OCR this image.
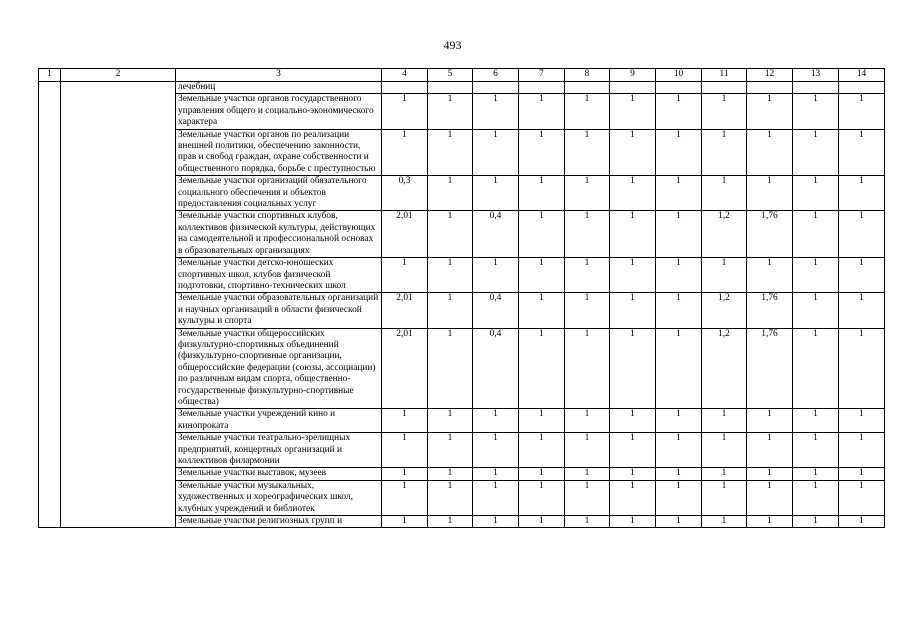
493
1	2	3	4	5	6	7	8	9	10	11	12	13	14
		лечебниц											
		Земельные участки органов государственного управления общего и социально-экономического характера	1	1	1	1	1	1	1	1	1	1	1
		Земельные участки органов по реализации внешней политики, обеспечению законности, прав и свобод граждан, охране собственности и общественного порядка, борьбе с преступностью	1	1	1	1	1	1	1	1	1	1	1
		Земельные участки организаций обязательного социального обеспечения и объектов предоставления социальных услуг	0,3	1	1	1	1	1	1	1	1	1	1
		Земельные участки спортивных клубов, коллективов физической культуры, действующих на самодеятельной и профессиональной основах в образовательных организациях	2,01	1	0,4	1	1	1	1	1,2	1,76	1	1
		Земельные участки детско-юношеских спортивных школ, клубов физической подготовки, спортивно-технических школ	1	1	1	1	1	1	1	1	1	1	1
		Земельные участки образовательных организаций и научных организаций в области физической культуры и спорта	2,01	1	0,4	1	1	1	1	1,2	1,76	1	1
		Земельные участки общероссийских физкультурно-спортивных объединений (физкультурно-спортивные организации, общероссийские федерации (союзы, ассоциации) по различным видам спорта, общественно-государственные физкультурно-спортивные общества)	2,01	1	0,4	1	1	1	1	1,2	1,76	1	1
		Земельные участки учреждений кино и кинопроката	1	1	1	1	1	1	1	1	1	1	1
		Земельные участки театрально-зрелищных предприятий, концертных организаций и коллективов филармонии	1	1	1	1	1	1	1	1	1	1	1
		Земельные участки выставок, музеев	1	1	1	1	1	1	1	1	1	1	1
		Земельные участки музыкальных, художественных и хореографических школ, клубных учреждений и библиотек	1	1	1	1	1	1	1	1	1	1	1
		Земельные участки религиозных групп и	1	1	1	1	1	1	1	1	1	1	1
